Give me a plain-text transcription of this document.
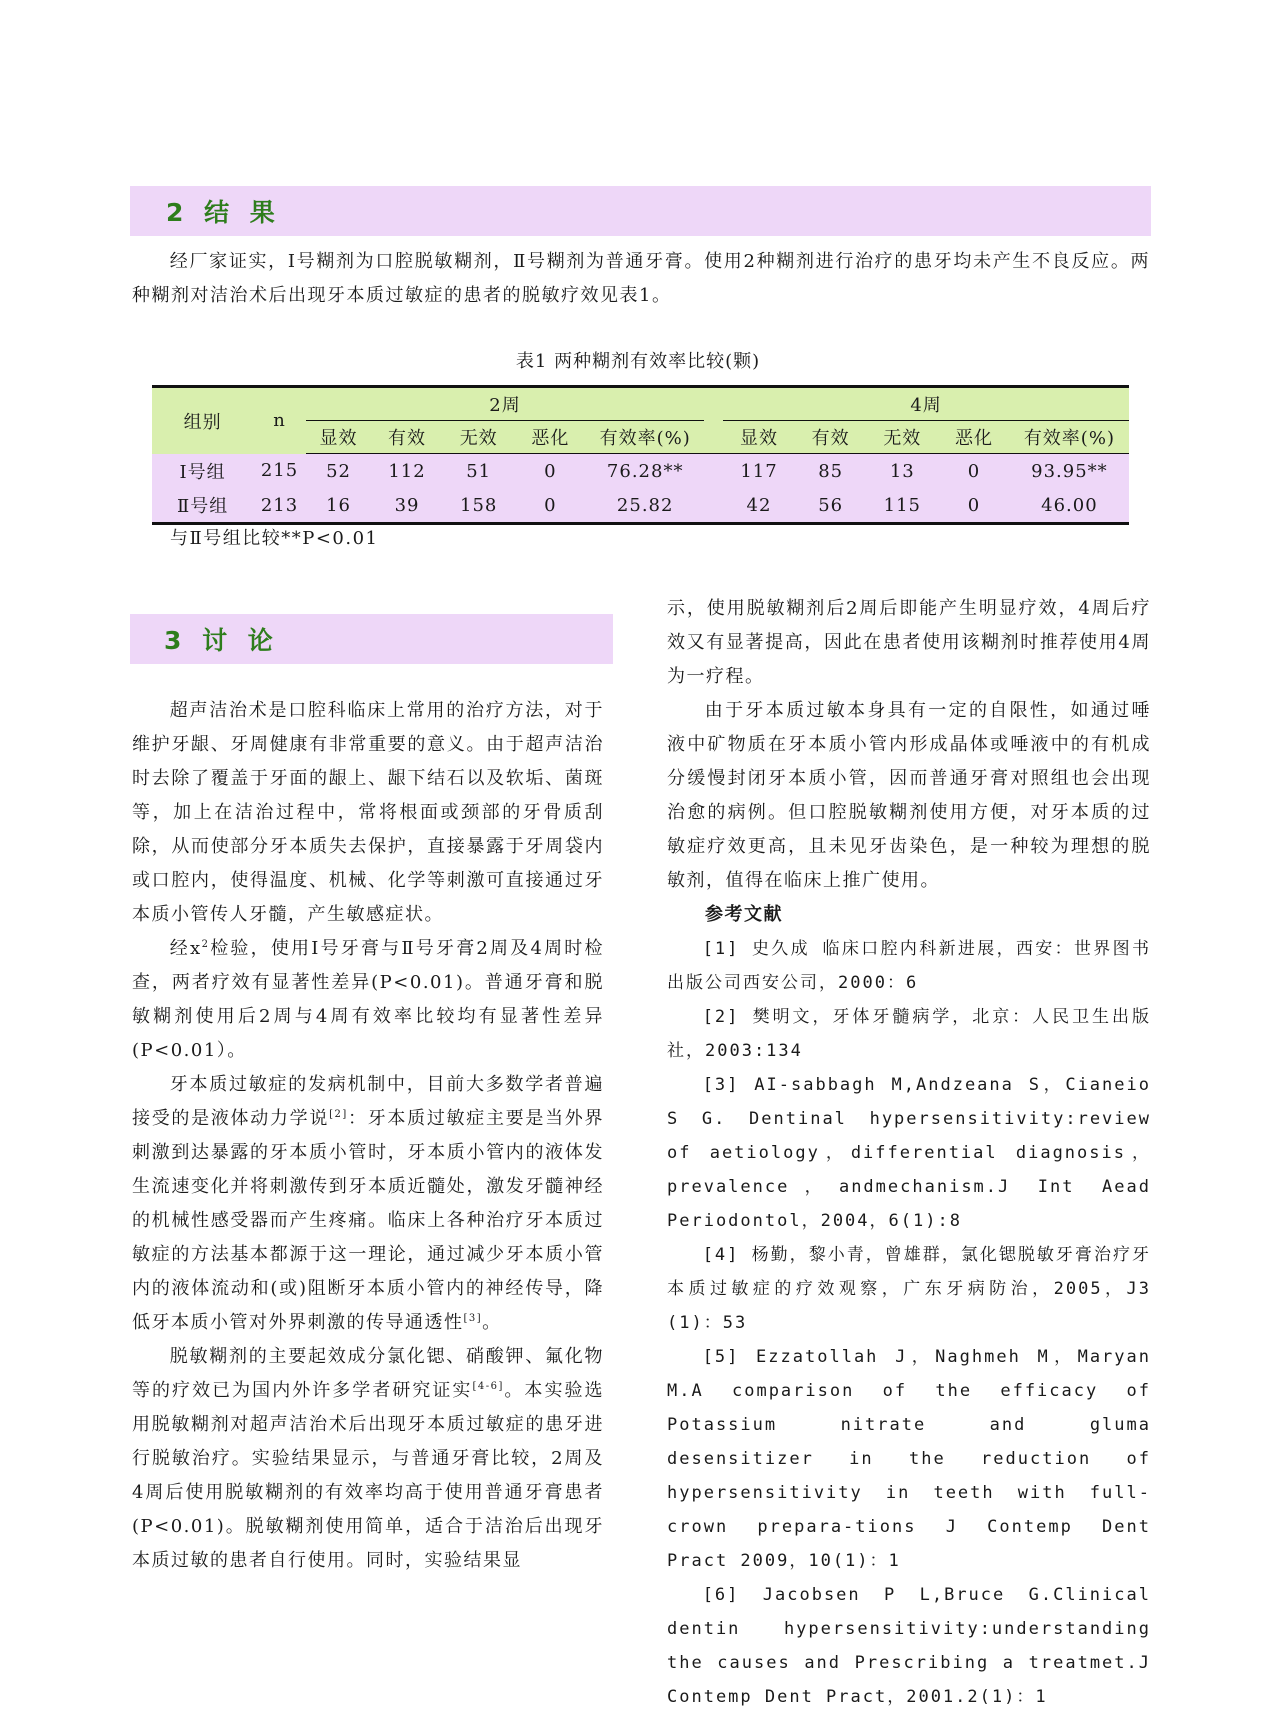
2 结 果

经厂家证实，Ⅰ号糊剂为口腔脱敏糊剂，Ⅱ号糊剂为普通牙膏。使用2种糊剂进行治疗的患牙均未产生不良反应。两种糊剂对洁治术后出现牙本质过敏症的患者的脱敏疗效见表1。

表1 两种糊剂有效率比较(颗)
组别	n	2周						4周				
		显效	有效	无效	恶化	有效率(%)		显效	有效	无效	恶化	有效率(%)
Ⅰ号组	215	52	112	51	0	76.28**		117	85	13	0	93.95**
Ⅱ号组	213	16	39	158	0	25.82		42	56	115	0	46.00
与Ⅱ号组比较**P<0.01
3 讨 论

超声洁治术是口腔科临床上常用的治疗方法，对于维护牙龈、牙周健康有非常重要的意义。由于超声洁治时去除了覆盖于牙面的龈上、龈下结石以及软垢、菌斑等，加上在洁治过程中，常将根面或颈部的牙骨质刮除，从而使部分牙本质失去保护，直接暴露于牙周袋内或口腔内，使得温度、机械、化学等刺激可直接通过牙本质小管传人牙髓，产生敏感症状。

经$x^2$检验，使用Ⅰ号牙膏与Ⅱ号牙膏2周及4周时检查，两者疗效有显著性差异(P<0.01)。普通牙膏和脱敏糊剂使用后2周与4周有效率比较均有显著性差异(P<0.01）。

牙本质过敏症的发病机制中，目前大多数学者普遍接受的是液体动力学说[2]：牙本质过敏症主要是当外界刺激到达暴露的牙本质小管时，牙本质小管内的液体发生流速变化并将刺激传到牙本质近髓处，激发牙髓神经的机械性感受器而产生疼痛。临床上各种治疗牙本质过敏症的方法基本都源于这一理论，通过减少牙本质小管内的液体流动和(或)阻断牙本质小管内的神经传导，降低牙本质小管对外界刺激的传导通透性[3]。

脱敏糊剂的主要起效成分氯化锶、硝酸钾、氟化物等的疗效已为国内外许多学者研究证实[4-6]。本实验选用脱敏糊剂对超声洁治术后出现牙本质过敏症的患牙进行脱敏治疗。实验结果显示，与普通牙膏比较，2周及4周后使用脱敏糊剂的有效率均高于使用普通牙膏患者(P<0.01)。脱敏糊剂使用简单，适合于洁治后出现牙本质过敏的患者自行使用。同时，实验结果显

示，使用脱敏糊剂后2周后即能产生明显疗效，4周后疗效又有显著提高，因此在患者使用该糊剂时推荐使用4周为一疗程。

由于牙本质过敏本身具有一定的自限性，如通过唾液中矿物质在牙本质小管内形成晶体或唾液中的有机成分缓慢封闭牙本质小管，因而普通牙膏对照组也会出现治愈的病例。但口腔脱敏糊剂使用方便，对牙本质的过敏症疗效更高，且未见牙齿染色，是一种较为理想的脱敏剂，值得在临床上推广使用。

参考文献

[1] 史久成 临床口腔内科新进展，西安：世界图书出版公司西安公司，2000：6

[2] 樊明文，牙体牙髓病学，北京：人民卫生出版社，2003:134

[3] AI-sabbagh M,Andzeana S，Cianeio S G. Dentinal hypersensitivity:review of aetiology，differential diagnosis，prevalence，andmechanism.J Int Aead Periodontol，2004，6(1):8

[4] 杨勤，黎小青，曾雄群，氯化锶脱敏牙膏治疗牙本质过敏症的疗效观察，广东牙病防治，2005，J3 (1)：53

[5] Ezzatollah J，Naghmeh M，Maryan M.A comparison of the efficacy of Potassium nitrate and gluma desensitizer in the reduction of hypersensitivity in teeth with full-crown prepara-tions J Contemp Dent Pract 2009，10(1)：1

[6] Jacobsen P L,Bruce G.Clinical dentin hypersensitivity:understanding the causes and Prescribing a treatmet.J Contemp Dent Pract，2001.2(1)：1
